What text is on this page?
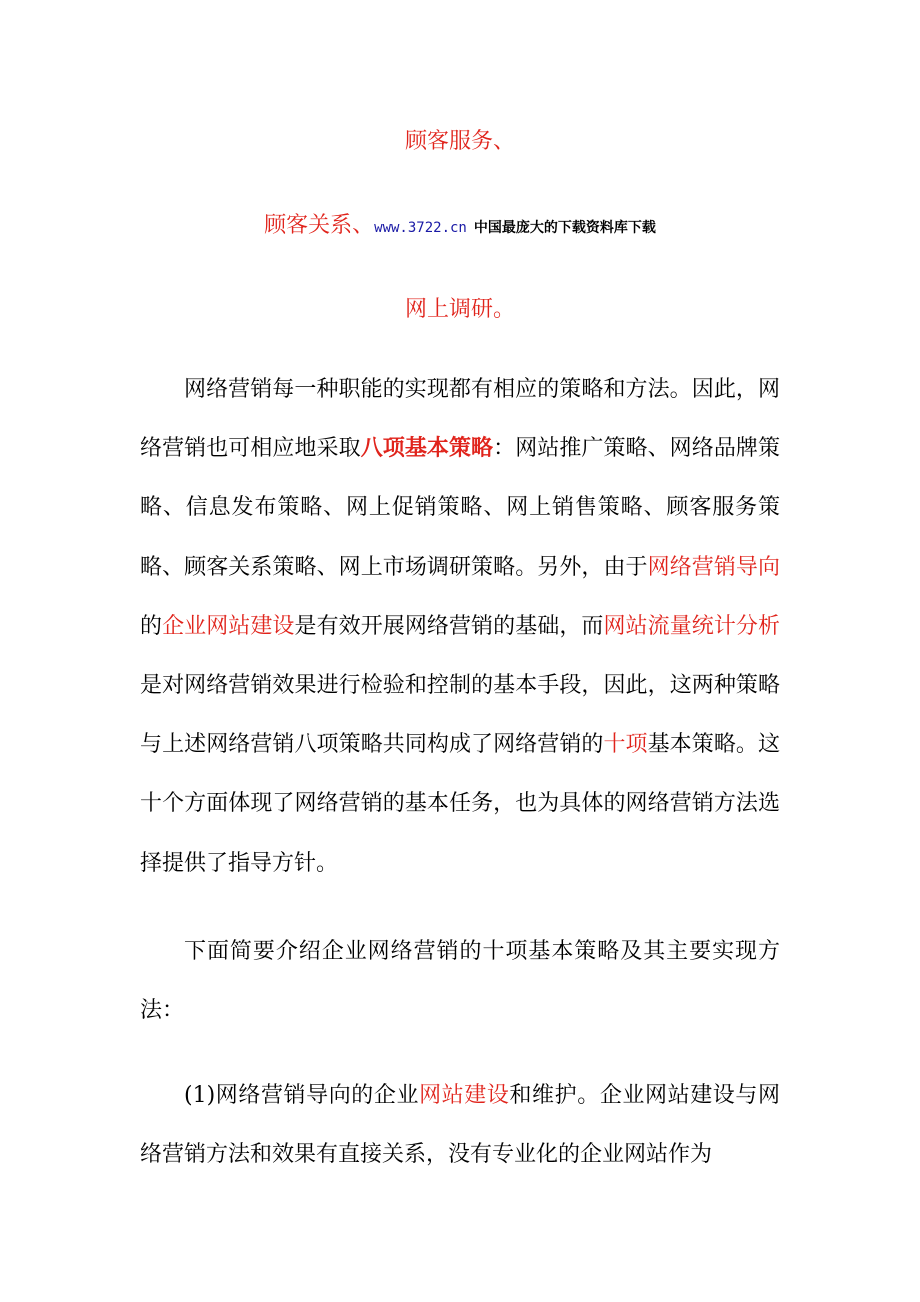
顾客服务、
顾客关系、www.3722.cn 中国最庞大的下载资料库下载
网上调研。
网络营销每一种职能的实现都有相应的策略和方法。因此，网络营销也可相应地采取八项基本策略：网站推广策略、网络品牌策略、信息发布策略、网上促销策略、网上销售策略、顾客服务策略、顾客关系策略、网上市场调研策略。另外，由于网络营销导向的企业网站建设是有效开展网络营销的基础，而网站流量统计分析是对网络营销效果进行检验和控制的基本手段，因此，这两种策略与上述网络营销八项策略共同构成了网络营销的十项基本策略。这十个方面体现了网络营销的基本任务，也为具体的网络营销方法选择提供了指导方针。
下面简要介绍企业网络营销的十项基本策略及其主要实现方法：
(1)网络营销导向的企业网站建设和维护。企业网站建设与网络营销方法和效果有直接关系，没有专业化的企业网站作为
